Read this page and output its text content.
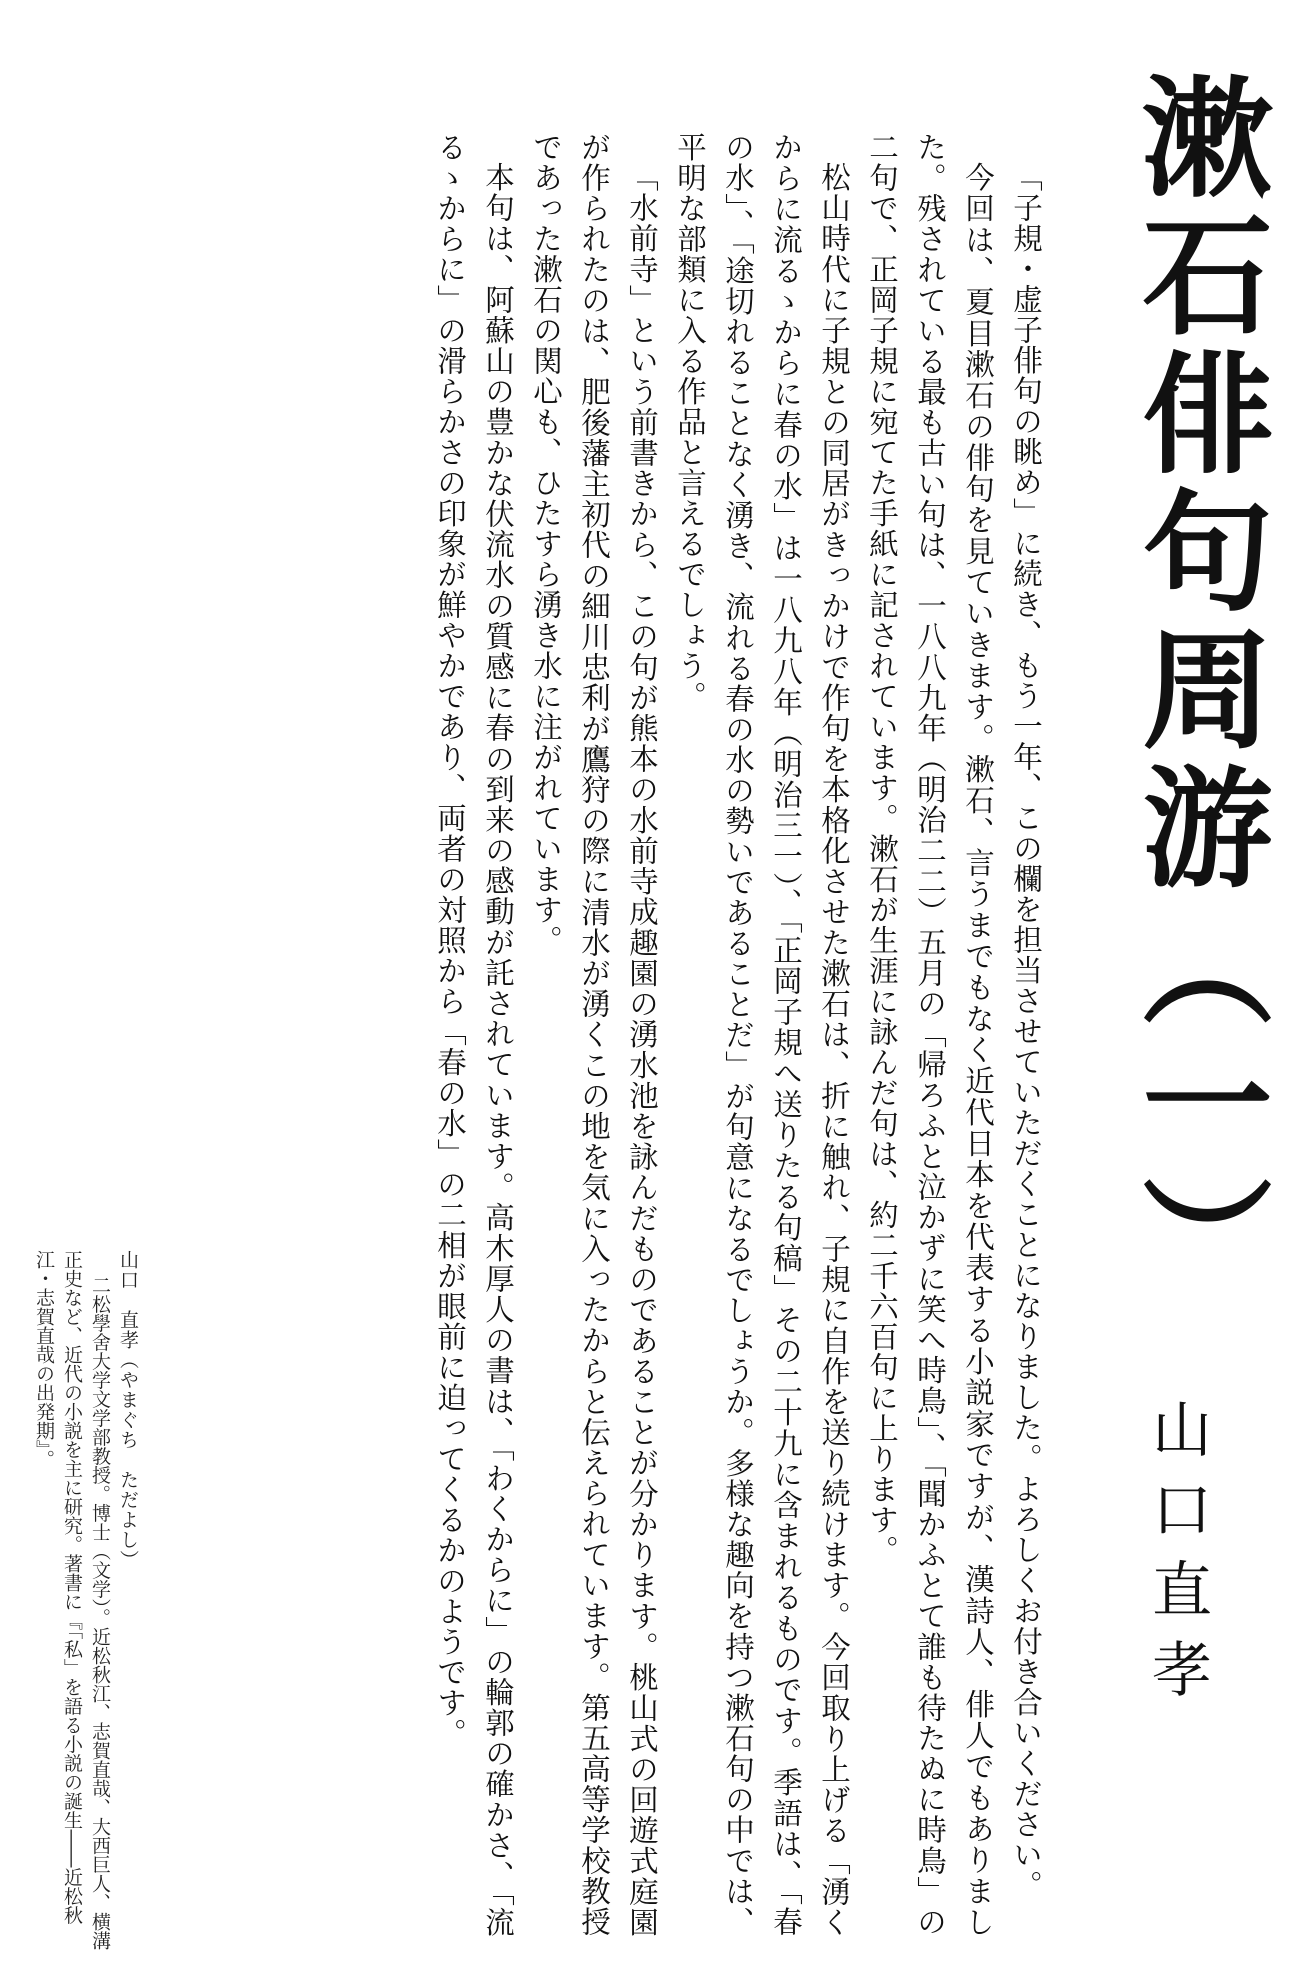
漱石俳句周游（一）
山口直孝

「子規・虚子俳句の眺め」に続き、もう一年、この欄を担当させていただくことになりました。よろしくお付き合いください。

今回は、夏目漱石の俳句を見ていきます。漱石、言うまでもなく近代日本を代表する小説家ですが、漢詩人、俳人でもありました。残されている最も古い句は、一八八九年（明治二二）五月の「帰ろふと泣かずに笑へ時鳥」、「聞かふとて誰も待たぬに時鳥」の二句で、正岡子規に宛てた手紙に記されています。漱石が生涯に詠んだ句は、約二千六百句に上ります。

松山時代に子規との同居がきっかけで作句を本格化させた漱石は、折に触れ、子規に自作を送り続けます。今回取り上げる「湧くからに流るゝからに春の水」は一八九八年（明治三一）、「正岡子規へ送りたる句稿」その二十九に含まれるものです。季語は、「春の水」、「途切れることなく湧き、流れる春の水の勢いであることだ」が句意になるでしょうか。多様な趣向を持つ漱石句の中では、平明な部類に入る作品と言えるでしょう。

「水前寺」という前書きから、この句が熊本の水前寺成趣園の湧水池を詠んだものであることが分かります。桃山式の回遊式庭園が作られたのは、肥後藩主初代の細川忠利が鷹狩の際に清水が湧くこの地を気に入ったからと伝えられています。第五高等学校教授であった漱石の関心も、ひたすら湧き水に注がれています。

本句は、阿蘇山の豊かな伏流水の質感に春の到来の感動が託されています。高木厚人の書は、「わくからに」の輪郭の確かさ、「流るゝからに」の滑らかさの印象が鮮やかであり、両者の対照から「春の水」の二相が眼前に迫ってくるかのようです。

山口　直孝（やまぐち　ただよし）
二松學舍大学文学部教授。博士（文学）。近松秋江、志賀直哉、大西巨人、横溝正史など、近代の小説を主に研究。著書に『「私」を語る小説の誕生――近松秋江・志賀直哉の出発期』。
